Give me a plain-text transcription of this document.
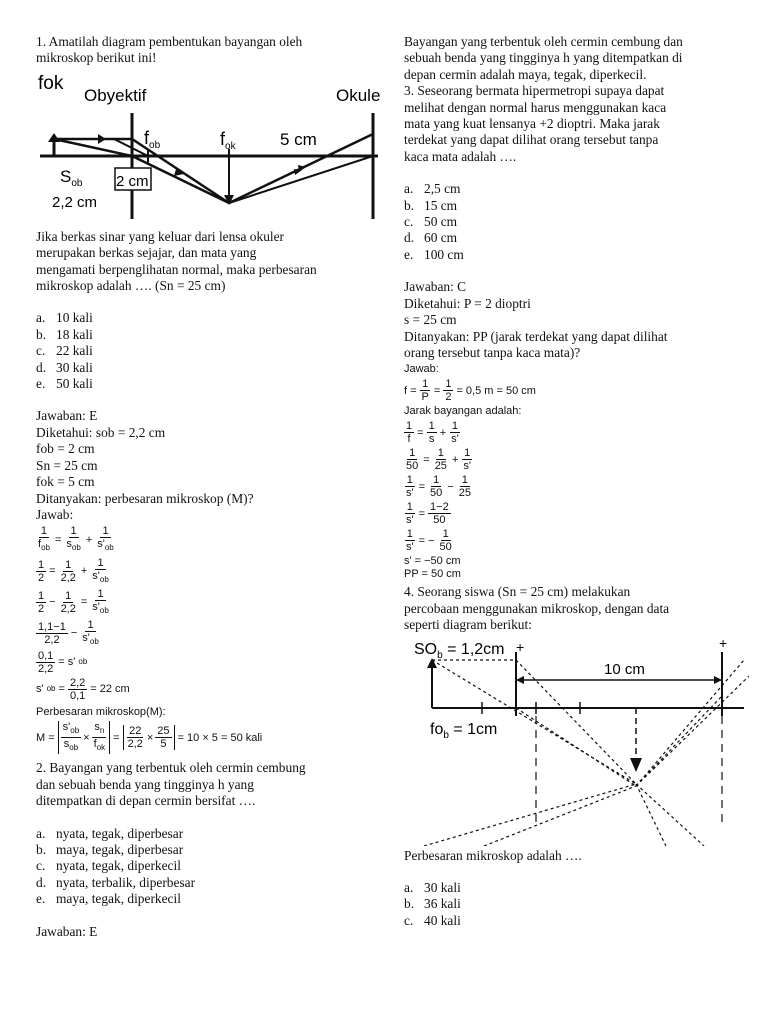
1. Amatilah diagram pembentukan bayangan oleh

mikroskop berikut ini!

fok
Obyektif	Okule
$f_{ob}$	$f_{ok}$	5 cm
2 cm
$S_{ob}$
2,2 cm

Jika berkas sinar yang keluar dari lensa okuler

merupakan berkas sejajar, dan mata yang

mengamati berpenglihatan normal, maka perbesaran

mikroskop adalah …. (Sn = 25 cm)

a. 10 kali

b. 18 kali

c. 22 kali

d. 30 kali

e. 50 kali

Jawaban: E

Diketahui: sob = 2,2 cm

fob = 2 cm

Sn = 25 cm

fok = 5 cm

Ditanyakan: perbesaran mikroskop (M)?

Jawab:

$\frac{1}{f_{ob}} = \frac{1}{s_{ob}} + \frac{1}{s'_{ob}}$
$\frac{1}{2} = \frac{1}{2,2} + \frac{1}{s'_{ob}}$
$\frac{1}{2} - \frac{1}{2,2} = \frac{1}{s'_{ob}}$
$\frac{1,1-1}{2,2} - \frac{1}{s'_{ob}}$
$\frac{0,1}{2,2} = s'$ ob
s' ob = $\frac{2,2}{0,1} = 22$ cm

Perbesaran mikroskop(M):

$M = \frac{s'_{ob}}{s_{ob}} \times \frac{s_n}{f_{ok}} = \frac{22}{2,2} \times \frac{25}{5} = 10 \times 5 = 50$ kali

2. Bayangan yang terbentuk oleh cermin cembung

dan sebuah benda yang tingginya h yang

ditempatkan di depan cermin bersifat ….

a. nyata, tegak, diperbesar

b. maya, tegak, diperbesar

c. nyata, tegak, diperkecil

d. nyata, terbalik, diperbesar

e. maya, tegak, diperkecil

Jawaban: E

Bayangan yang terbentuk oleh cermin cembung dan

sebuah benda yang tingginya h yang ditempatkan di

depan cermin adalah maya, tegak, diperkecil.

3. Seseorang bermata hipermetropi supaya dapat

melihat dengan normal harus menggunakan kaca

mata yang kuat lensanya +2 dioptri. Maka jarak

terdekat yang dapat dilihat orang tersebut tanpa

kaca mata adalah ….

a. 2,5 cm

b. 15 cm

c. 50 cm

d. 60 cm

e. 100 cm

Jawaban: C

Diketahui: P = 2 dioptri

s = 25 cm

Ditanyakan: PP (jarak terdekat yang dapat dilihat

orang tersebut tanpa kaca mata)?

Jawab:

$f = \frac{1}{P} = \frac{1}{2} = 0,5$ m = 50 cm

Jarak bayangan adalah:

$\frac{1}{f} = \frac{1}{s} + \frac{1}{s'}$
$\frac{1}{50} = \frac{1}{25} + \frac{1}{s'}$
$\frac{1}{s'} = \frac{1}{50} - \frac{1}{25}$
$\frac{1}{s'} = \frac{1-2}{50}$
$\frac{1}{s'}$ = − $\frac{1}{50}$

s' = −50 cm

PP = 50 cm

4. Seorang siswa (Sn = 25 cm) melakukan

percobaan menggunakan mikroskop, dengan data

seperti diagram berikut:

$SO_b = 1,2cm$ +	+
10 cm
$fo_b = 1cm$

Perbesaran mikroskop adalah ….

a. 30 kali

b. 36 kali

c. 40 kali
